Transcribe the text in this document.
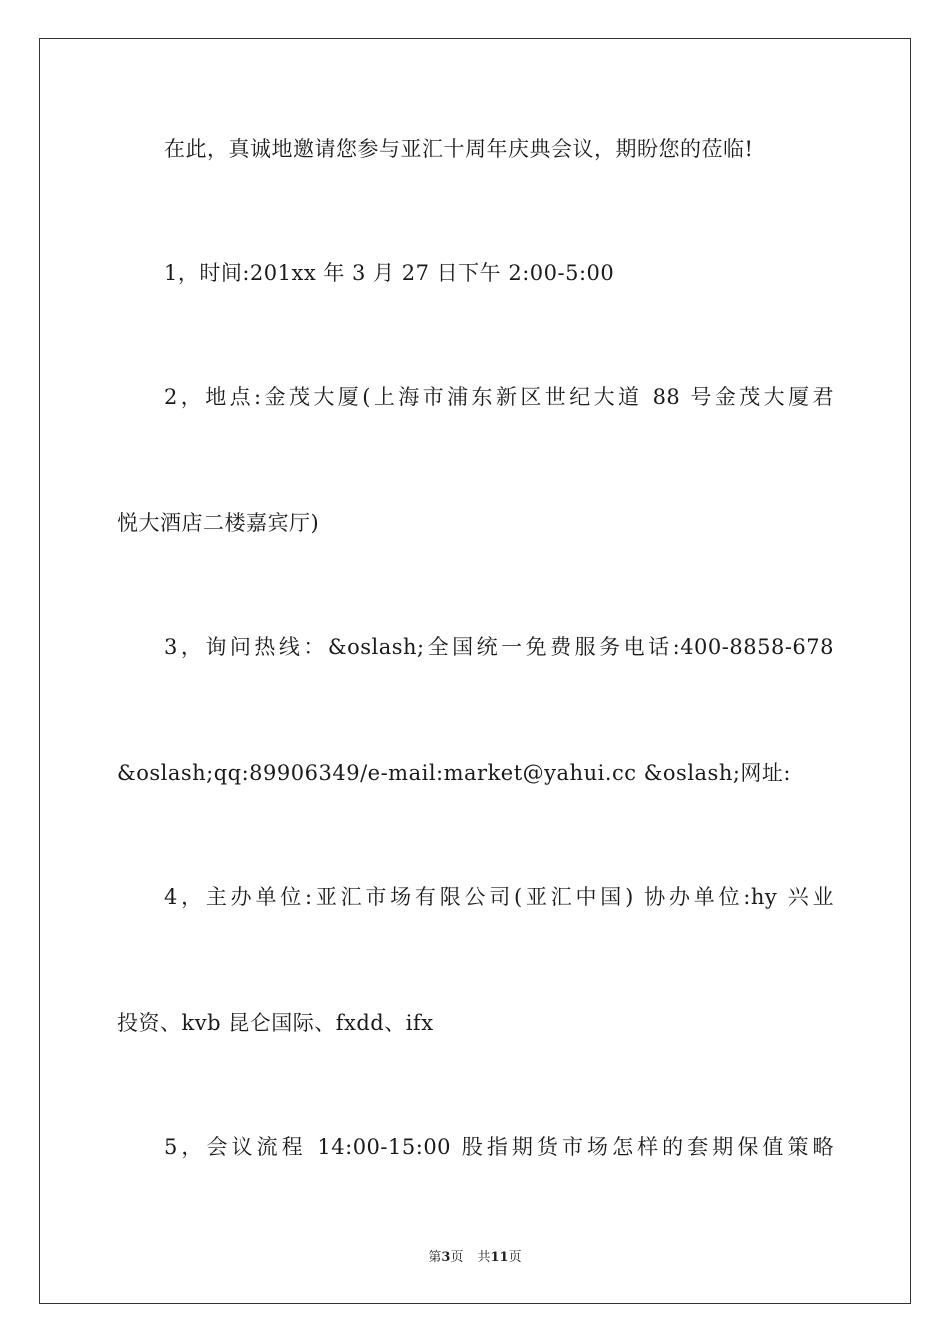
在此，真诚地邀请您参与亚汇十周年庆典会议，期盼您的莅临!
1，时间:201xx 年 3 月 27 日下午 2:00-5:00
2，地点:金茂大厦(上海市浦东新区世纪大道 88 号金茂大厦君
悦大酒店二楼嘉宾厅)
3，询问热线：&oslash;全国统一免费服务电话:400-8858-678
&oslash;qq:89906349/e-mail:market@yahui.cc &oslash;网址:
4，主办单位:亚汇市场有限公司(亚汇中国) 协办单位:hy 兴业
投资、kvb 昆仑国际、fxdd、ifx
5，会议流程 14:00-15:00 股指期货市场怎样的套期保值策略
第3页 共11页
